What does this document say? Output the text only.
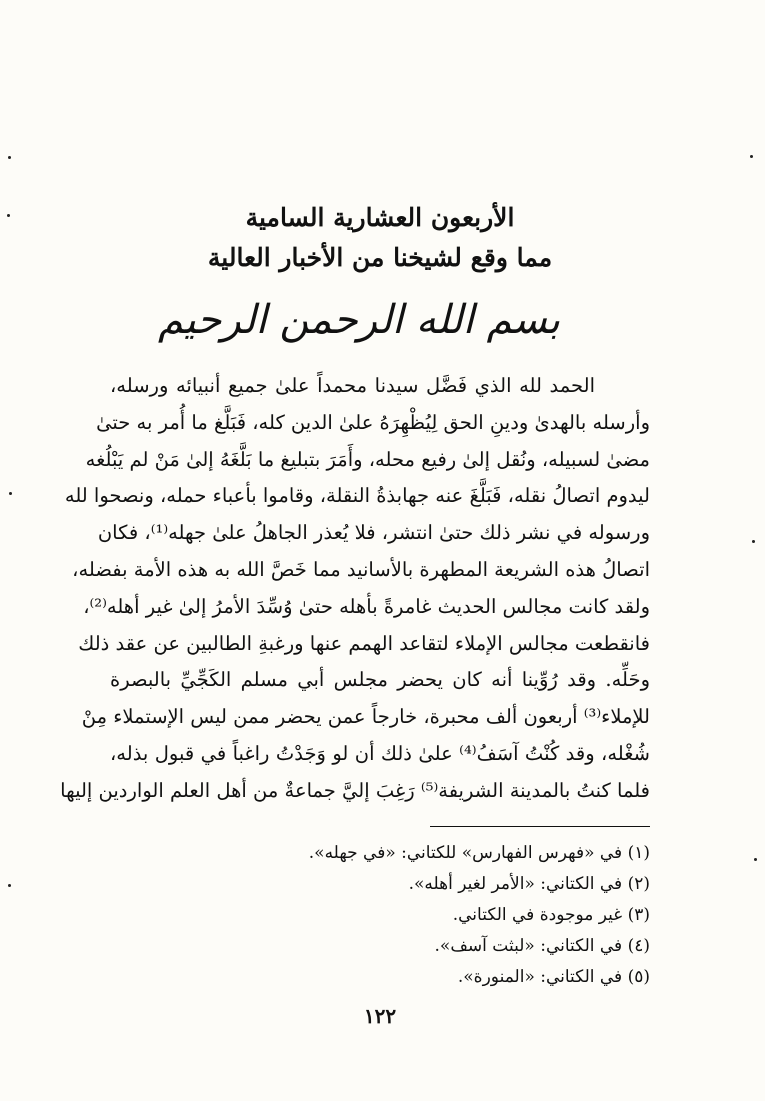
الأربعون العشارية السامية
مما وقع لشيخنا من الأخبار العالية
بسم الله الرحمن الرحيم
الحمد لله الذي فَضَّل سيدنا محمداً علىٰ جميع أنبيائه ورسله،
وأرسله بالهدىٰ ودينِ الحق لِيُظْهِرَهُ علىٰ الدين كله، فَبَلَّغ ما أُمر به حتىٰ
مضىٰ لسبيله، ونُقل إلىٰ رفيع محله، وأَمَرَ بتبليغ ما بَلَّغَهُ إلىٰ مَنْ لم يَبْلُغه
ليدوم اتصالُ نقله، فَبَلَّغَ عنه جهابذةُ النقلة، وقاموا بأعباء حمله، ونصحوا لله
ورسوله في نشر ذلك حتىٰ انتشر، فلا يُعذر الجاهلُ علىٰ جهله⁽¹⁾، فكان
اتصالُ هذه الشريعة المطهرة بالأسانيد مما خَصَّ الله به هذه الأمة بفضله،
ولقد كانت مجالس الحديث غامرةً بأهله حتىٰ وُسِّدَ الأمرُ إلىٰ غير أهله⁽²⁾،
فانقطعت مجالس الإملاء لتقاعد الهمم عنها ورغبةِ الطالبين عن عقد ذلك
وحَلِّه. وقد رُوِّينا أنه كان يحضر مجلس أبي مسلم الكَجِّيِّ بالبصرة
للإملاء⁽³⁾ أربعون ألف محبرة، خارجاً عمن يحضر ممن ليس الإستملاء مِنْ
شُغْله، وقد كُنْتُ آسَفُ⁽⁴⁾ علىٰ ذلك أن لو وَجَدْتُ راغباً في قبول بذله،
فلما كنتُ بالمدينة الشريفة⁽⁵⁾ رَغِبَ إليَّ جماعةٌ من أهل العلم الواردين إليها
(١) في «فهرس الفهارس» للكتاني: «في جهله».
(٢) في الكتاني: «الأمر لغير أهله».
(٣) غير موجودة في الكتاني.
(٤) في الكتاني: «لبثت آسف».
(٥) في الكتاني: «المنورة».
١٢٢
